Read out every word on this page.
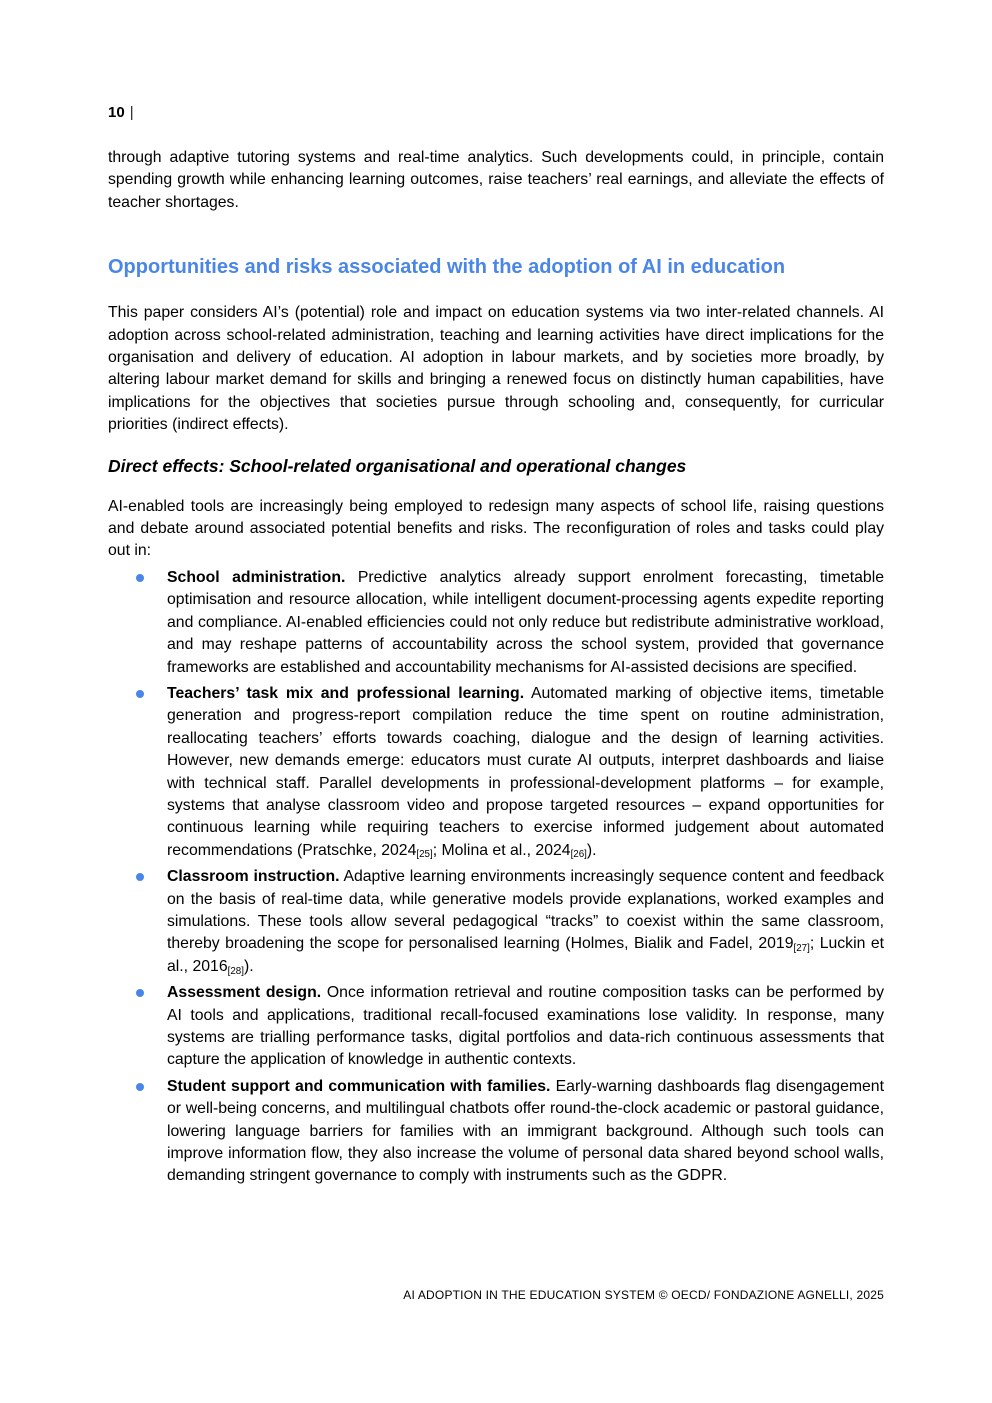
10 |

through adaptive tutoring systems and real-time analytics. Such developments could, in principle, contain spending growth while enhancing learning outcomes, raise teachers’ real earnings, and alleviate the effects of teacher shortages.

Opportunities and risks associated with the adoption of AI in education

This paper considers AI’s (potential) role and impact on education systems via two inter-related channels. AI adoption across school-related administration, teaching and learning activities have direct implications for the organisation and delivery of education. AI adoption in labour markets, and by societies more broadly, by altering labour market demand for skills and bringing a renewed focus on distinctly human capabilities, have implications for the objectives that societies pursue through schooling and, consequently, for curricular priorities (indirect effects).

Direct effects: School-related organisational and operational changes

AI-enabled tools are increasingly being employed to redesign many aspects of school life, raising questions and debate around associated potential benefits and risks. The reconfiguration of roles and tasks could play out in:

School administration. Predictive analytics already support enrolment forecasting, timetable optimisation and resource allocation, while intelligent document-processing agents expedite reporting and compliance. AI-enabled efficiencies could not only reduce but redistribute administrative workload, and may reshape patterns of accountability across the school system, provided that governance frameworks are established and accountability mechanisms for AI-assisted decisions are specified.
Teachers’ task mix and professional learning. Automated marking of objective items, timetable generation and progress-report compilation reduce the time spent on routine administration, reallocating teachers’ efforts towards coaching, dialogue and the design of learning activities. However, new demands emerge: educators must curate AI outputs, interpret dashboards and liaise with technical staff. Parallel developments in professional-development platforms – for example, systems that analyse classroom video and propose targeted resources – expand opportunities for continuous learning while requiring teachers to exercise informed judgement about automated recommendations (Pratschke, $2024_{[25]}$; Molina et al., $2024_{[26]}$).
Classroom instruction. Adaptive learning environments increasingly sequence content and feedback on the basis of real-time data, while generative models provide explanations, worked examples and simulations. These tools allow several pedagogical “tracks” to coexist within the same classroom, thereby broadening the scope for personalised learning (Holmes, Bialik and Fadel, $2019_{[27]}$; Luckin et al., $2016_{[28]}$).
Assessment design. Once information retrieval and routine composition tasks can be performed by AI tools and applications, traditional recall-focused examinations lose validity. In response, many systems are trialling performance tasks, digital portfolios and data-rich continuous assessments that capture the application of knowledge in authentic contexts.
Student support and communication with families. Early-warning dashboards flag disengagement or well-being concerns, and multilingual chatbots offer round-the-clock academic or pastoral guidance, lowering language barriers for families with an immigrant background. Although such tools can improve information flow, they also increase the volume of personal data shared beyond school walls, demanding stringent governance to comply with instruments such as the GDPR.
AI ADOPTION IN THE EDUCATION SYSTEM © OECD/ FONDAZIONE AGNELLI, 2025
